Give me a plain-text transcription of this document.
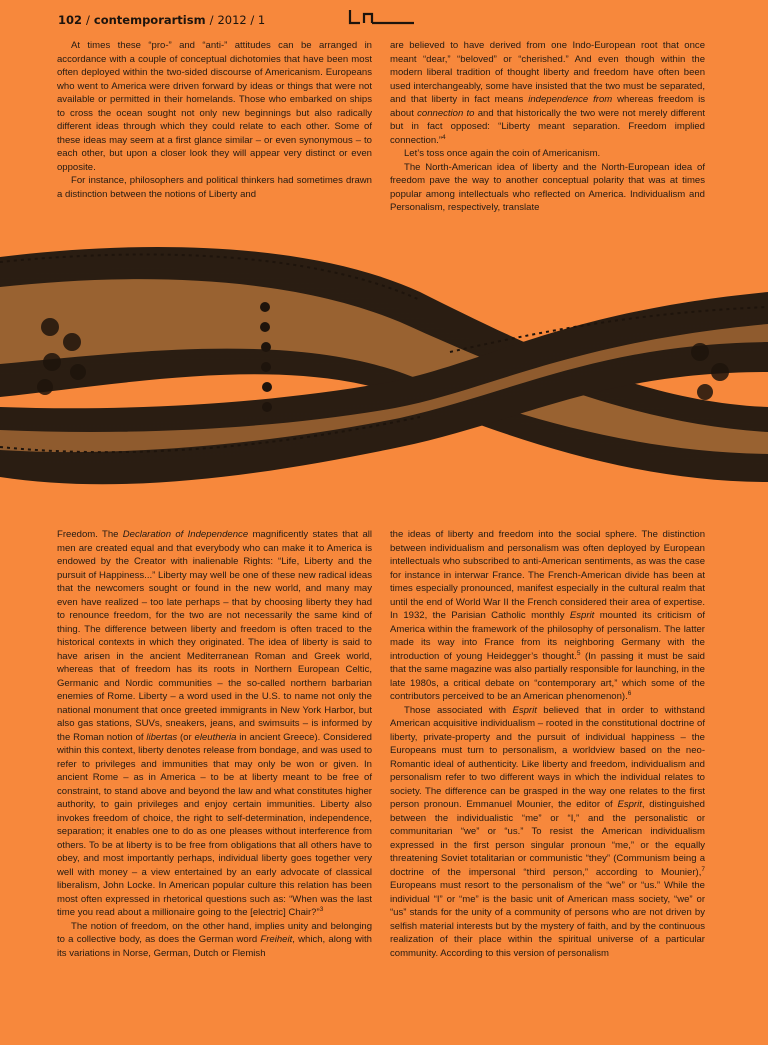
102 / contemporartism / 2012 / 1

At times these “pro-” and “anti-” attitudes can be arranged in accordance with a couple of conceptual dichotomies that have been most often deployed within the two-sided discourse of Americanism. Europeans who went to America were driven forward by ideas or things that were not available or permitted in their homelands. Those who embarked on ships to cross the ocean sought not only new beginnings but also radically different ideas through which they could relate to each other. Some of these ideas may seem at a first glance similar – or even synonymous – to each other, but upon a closer look they will appear very distinct or even opposite.

For instance, philosophers and political thinkers had sometimes drawn a distinction between the notions of Liberty and

are believed to have derived from one Indo-European root that once meant “dear,” “beloved” or “cherished.” And even though within the modern liberal tradition of thought liberty and freedom have often been used interchangeably, some have insisted that the two must be separated, and that liberty in fact means independence from whereas freedom is about connection to and that historically the two were not merely different but in fact opposed: “Liberty meant separation. Freedom implied connection.”$^4$

Let’s toss once again the coin of Americanism.

The North-American idea of liberty and the North-European idea of freedom pave the way to another conceptual polarity that was at times popular among intellectuals who reflected on America. Individualism and Personalism, respectively, translate

Freedom. The Declaration of Independence magnificently states that all men are created equal and that everybody who can make it to America is endowed by the Creator with inalienable Rights: “Life, Liberty and the pursuit of Happiness...” Liberty may well be one of these new radical ideas that the newcomers sought or found in the new world, and many may even have realized – too late perhaps – that by choosing liberty they had to renounce freedom, for the two are not necessarily the same kind of thing. The difference between liberty and freedom is often traced to the historical contexts in which they originated. The idea of liberty is said to have arisen in the ancient Mediterranean Roman and Greek world, whereas that of freedom has its roots in Northern European Celtic, Germanic and Nordic communities – the so-called northern barbarian enemies of Rome. Liberty – a word used in the U.S. to name not only the national monument that once greeted immigrants in New York Harbor, but also gas stations, SUVs, sneakers, jeans, and swimsuits – is informed by the Roman notion of libertas (or eleutheria in ancient Greece). Considered within this context, liberty denotes release from bondage, and was used to refer to privileges and immunities that may only be won or given. In ancient Rome – as in America – to be at liberty meant to be free of constraint, to stand above and beyond the law and what constitutes higher authority, to gain privileges and enjoy certain immunities. Liberty also invokes freedom of choice, the right to self-determination, independence, separation; it enables one to do as one pleases without interference from others. To be at liberty is to be free from obligations that all others have to obey, and most importantly perhaps, individual liberty goes together very well with money – a view entertained by an early advocate of classical liberalism, John Locke. In American popular culture this relation has been most often expressed in rhetorical questions such as: “When was the last time you read about a millionaire going to the [electric] Chair?”$^3$

The notion of freedom, on the other hand, implies unity and belonging to a collective body, as does the German word Freiheit, which, along with its variations in Norse, German, Dutch or Flemish

the ideas of liberty and freedom into the social sphere. The distinction between individualism and personalism was often deployed by European intellectuals who subscribed to anti-American sentiments, as was the case for instance in interwar France. The French-American divide has been at times especially pronounced, manifest especially in the cultural realm that until the end of World War II the French considered their area of expertise. In 1932, the Parisian Catholic monthly Esprit mounted its criticism of America within the framework of the philosophy of personalism. The latter made its way into France from its neighboring Germany with the introduction of young Heidegger’s thought.$^5$ (In passing it must be said that the same magazine was also partially responsible for launching, in the late 1980s, a critical debate on “contemporary art,” which some of the contributors perceived to be an American phenomenon).$^6$

Those associated with Esprit believed that in order to withstand American acquisitive individualism – rooted in the constitutional doctrine of liberty, private-property and the pursuit of individual happiness – the Europeans must turn to personalism, a worldview based on the neo-Romantic ideal of authenticity. Like liberty and freedom, individualism and personalism refer to two different ways in which the individual relates to society. The difference can be grasped in the way one relates to the first person pronoun. Emmanuel Mounier, the editor of Esprit, distinguished between the individualistic “me” or “I,” and the personalistic or communitarian “we” or “us.” To resist the American individualism expressed in the first person singular pronoun “me,” or the equally threatening Soviet totalitarian or communistic “they” (Communism being a doctrine of the impersonal “third person,” according to Mounier),$^7$ Europeans must resort to the personalism of the “we” or “us.” While the individual “I” or “me” is the basic unit of American mass society, “we” or “us” stands for the unity of a community of persons who are not driven by selfish material interests but by the mystery of faith, and by the continuous realization of their place within the spiritual universe of a particular community. According to this version of personalism
